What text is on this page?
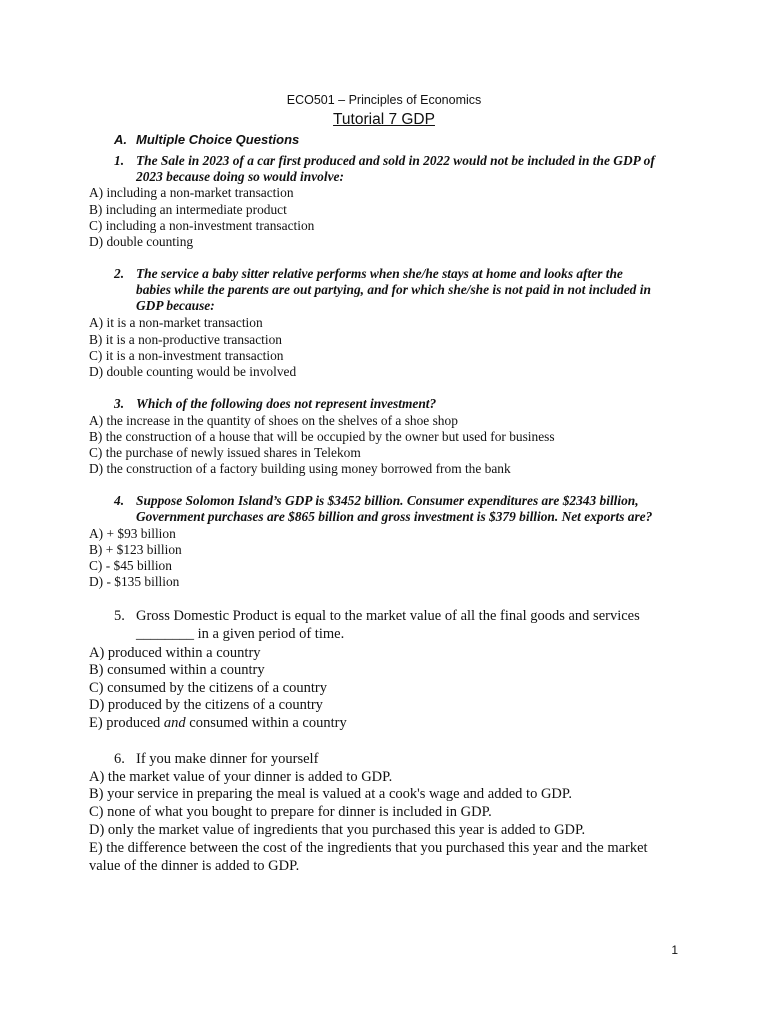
ECO501 – Principles of Economics
Tutorial 7 GDP
A. Multiple Choice Questions
1. The Sale in 2023 of a car first produced and sold in 2022 would not be included in the GDP of
2023 because doing so would involve:
A) including a non-market transaction
B) including an intermediate product
C) including a non-investment transaction
D) double counting
2. The service a baby sitter relative performs when she/he stays at home and looks after the
babies while the parents are out partying, and for which she/she is not paid in not included in
GDP because:
A) it is a non-market transaction
B) it is a non-productive transaction
C) it is a non-investment transaction
D) double counting would be involved
3. Which of the following does not represent investment?
A) the increase in the quantity of shoes on the shelves of a shoe shop
B) the construction of a house that will be occupied by the owner but used for business
C) the purchase of newly issued shares in Telekom
D) the construction of a factory building using money borrowed from the bank
4. Suppose Solomon Island’s GDP is $3452 billion. Consumer expenditures are $2343 billion,
Government purchases are $865 billion and gross investment is $379 billion. Net exports are?
A) + $93 billion
B) + $123 billion
C) - $45 billion
D) - $135 billion
5. Gross Domestic Product is equal to the market value of all the final goods and services
________ in a given period of time.
A) produced within a country
B) consumed within a country
C) consumed by the citizens of a country
D) produced by the citizens of a country
E) produced and consumed within a country
6. If you make dinner for yourself
A) the market value of your dinner is added to GDP.
B) your service in preparing the meal is valued at a cook's wage and added to GDP.
C) none of what you bought to prepare for dinner is included in GDP.
D) only the market value of ingredients that you purchased this year is added to GDP.
E) the difference between the cost of the ingredients that you purchased this year and the market
value of the dinner is added to GDP.
1
